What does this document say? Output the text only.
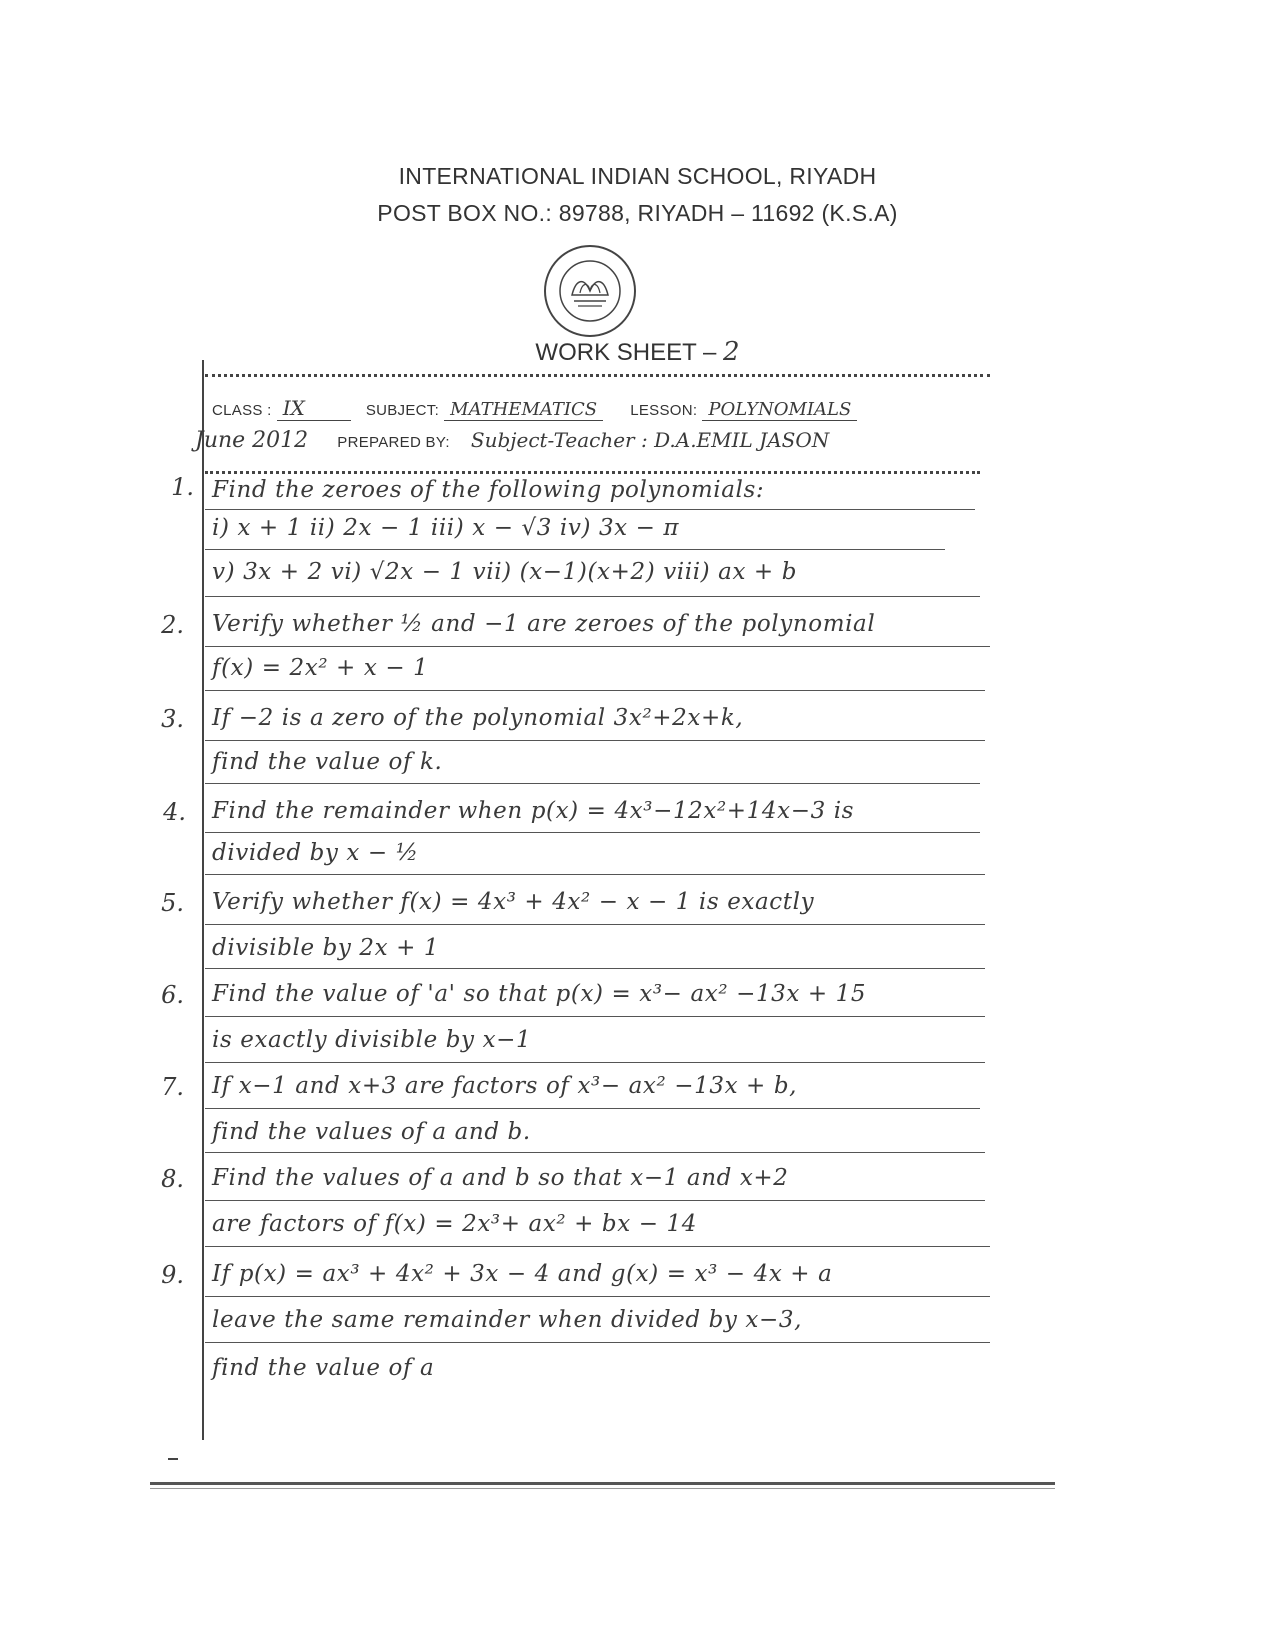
INTERNATIONAL INDIAN SCHOOL, RIYADH
POST BOX NO.: 89788, RIYADH – 11692 (K.S.A)
WORK SHEET – 2
CLASS : IX	SUBJECT: MATHEMATICS LESSON: POLYNOMIALS
June 2012 PREPARED BY: Subject-Teacher : D.A.EMIL JASON
1. Find the zeroes of the following polynomials:
i) x + 1 ii) 2x − 1 iii) x − √3 iv) 3x − π
v) 3x + 2 vi) √2x − 1 vii) (x−1)(x+2) viii) ax + b
2. Verify whether ½ and −1 are zeroes of the polynomial
f(x) = 2x² + x − 1
3. If −2 is a zero of the polynomial 3x²+2x+k,
find the value of k.
4. Find the remainder when p(x) = 4x³−12x²+14x−3 is
divided by x − ½
5. Verify whether f(x) = 4x³ + 4x² − x − 1 is exactly
divisible by 2x + 1
6. Find the value of 'a' so that p(x) = x³− ax² −13x + 15
is exactly divisible by x−1
7. If x−1 and x+3 are factors of x³− ax² −13x + b,
find the values of a and b.
8. Find the values of a and b so that x−1 and x+2
are factors of f(x) = 2x³+ ax² + bx − 14
9. If p(x) = ax³ + 4x² + 3x − 4 and g(x) = x³ − 4x + a
leave the same remainder when divided by x−3,
find the value of a
